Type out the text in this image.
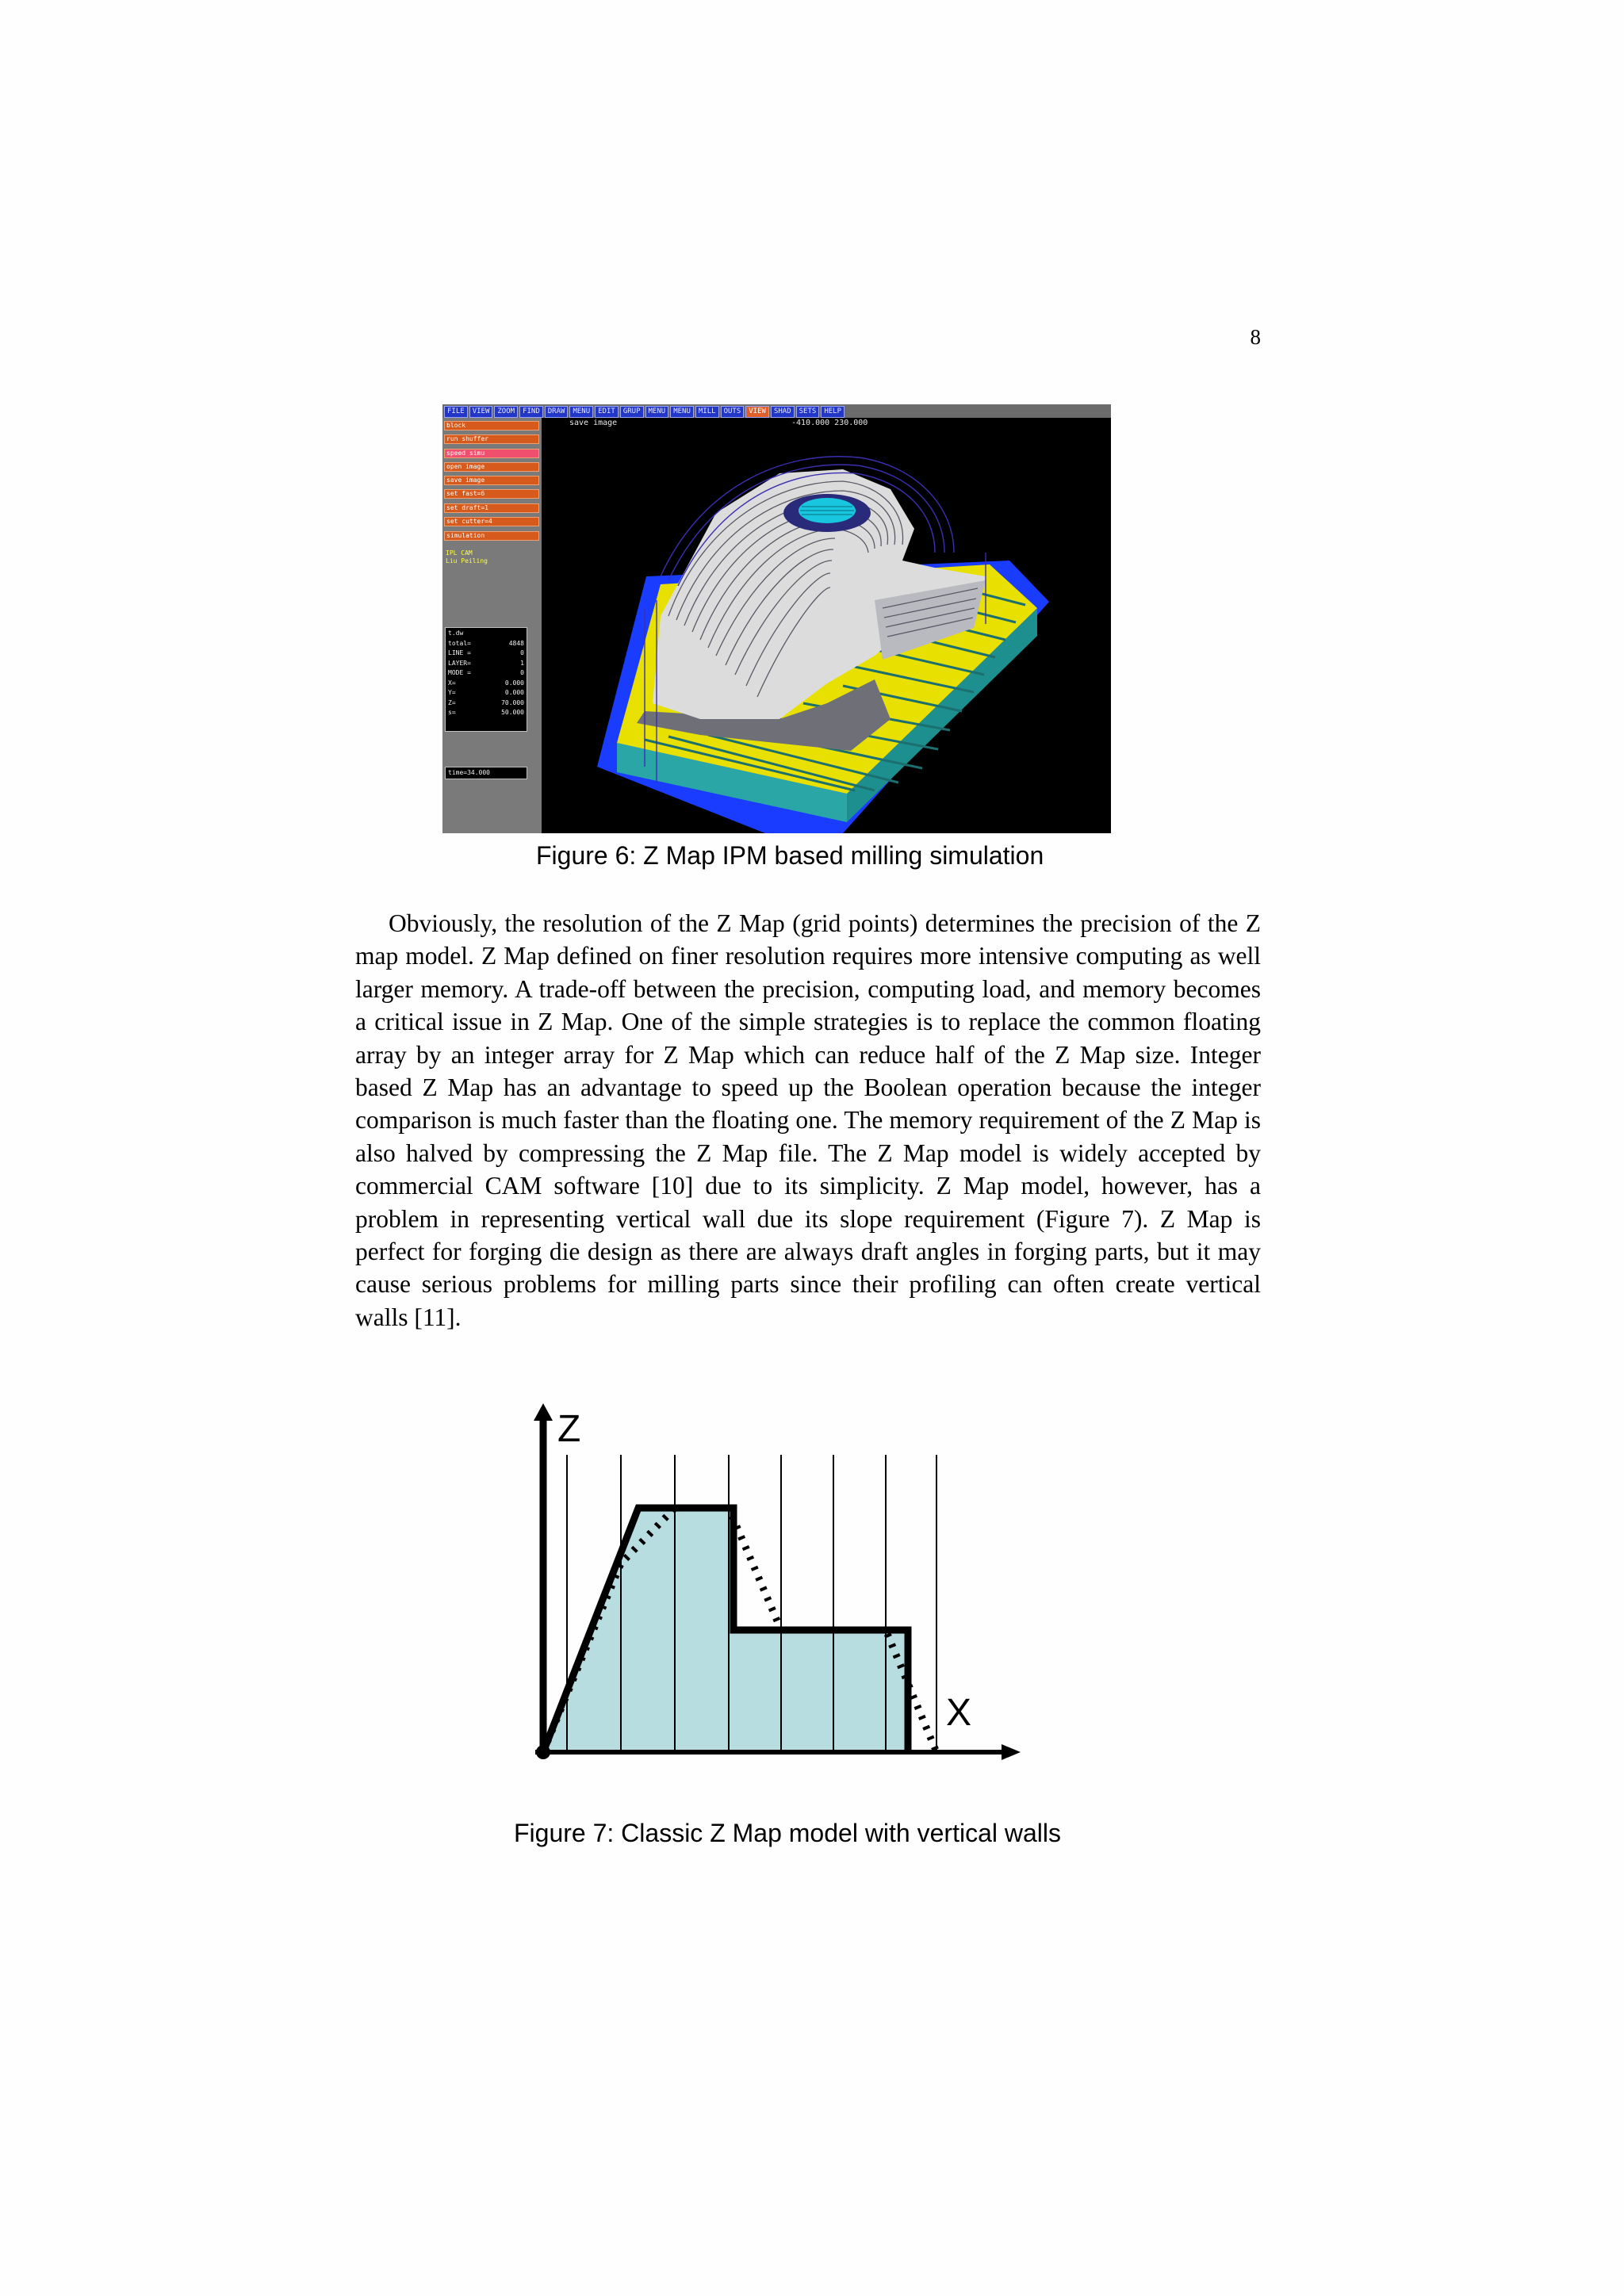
8
FILE	VIEW	ZOOM	FIND	DRAW	MENU	EDIT	GRUP	MENU	MENU	MILL	OUTS	VIEW	SHAD	SETS	HELP
block
run shuffer
speed simu
open image
save image
set fast=6
set draft=1
set cutter=4
simulation
IPL CAM
Liu Peiling
t.dw
total=	4848
LINE =	0
LAYER=	1
MODE =	0
X=	0.000
Y=	0.000
Z=	70.000
s=	50.000
time=34.000
save image	-410.000 230.000
Figure 6: Z Map IPM based milling simulation

Obviously, the resolution of the Z Map (grid points) determines the precision of the Z map model. Z Map defined on finer resolution requires more intensive computing as well larger memory. A trade-off between the precision, computing load, and memory becomes a critical issue in Z Map. One of the simple strategies is to replace the common floating array by an integer array for Z Map which can reduce half of the Z Map size. Integer based Z Map has an advantage to speed up the Boolean operation because the integer comparison is much faster than the floating one. The memory requirement of the Z Map is also halved by compressing the Z Map file. The Z Map model is widely accepted by commercial CAM software [10] due to its simplicity. Z Map model, however, has a problem in representing vertical wall due its slope requirement (Figure 7). Z Map is perfect for forging die design as there are always draft angles in forging parts, but it may cause serious problems for milling parts since their profiling can often create vertical walls [11].

Z
X
Figure 7: Classic Z Map model with vertical walls
